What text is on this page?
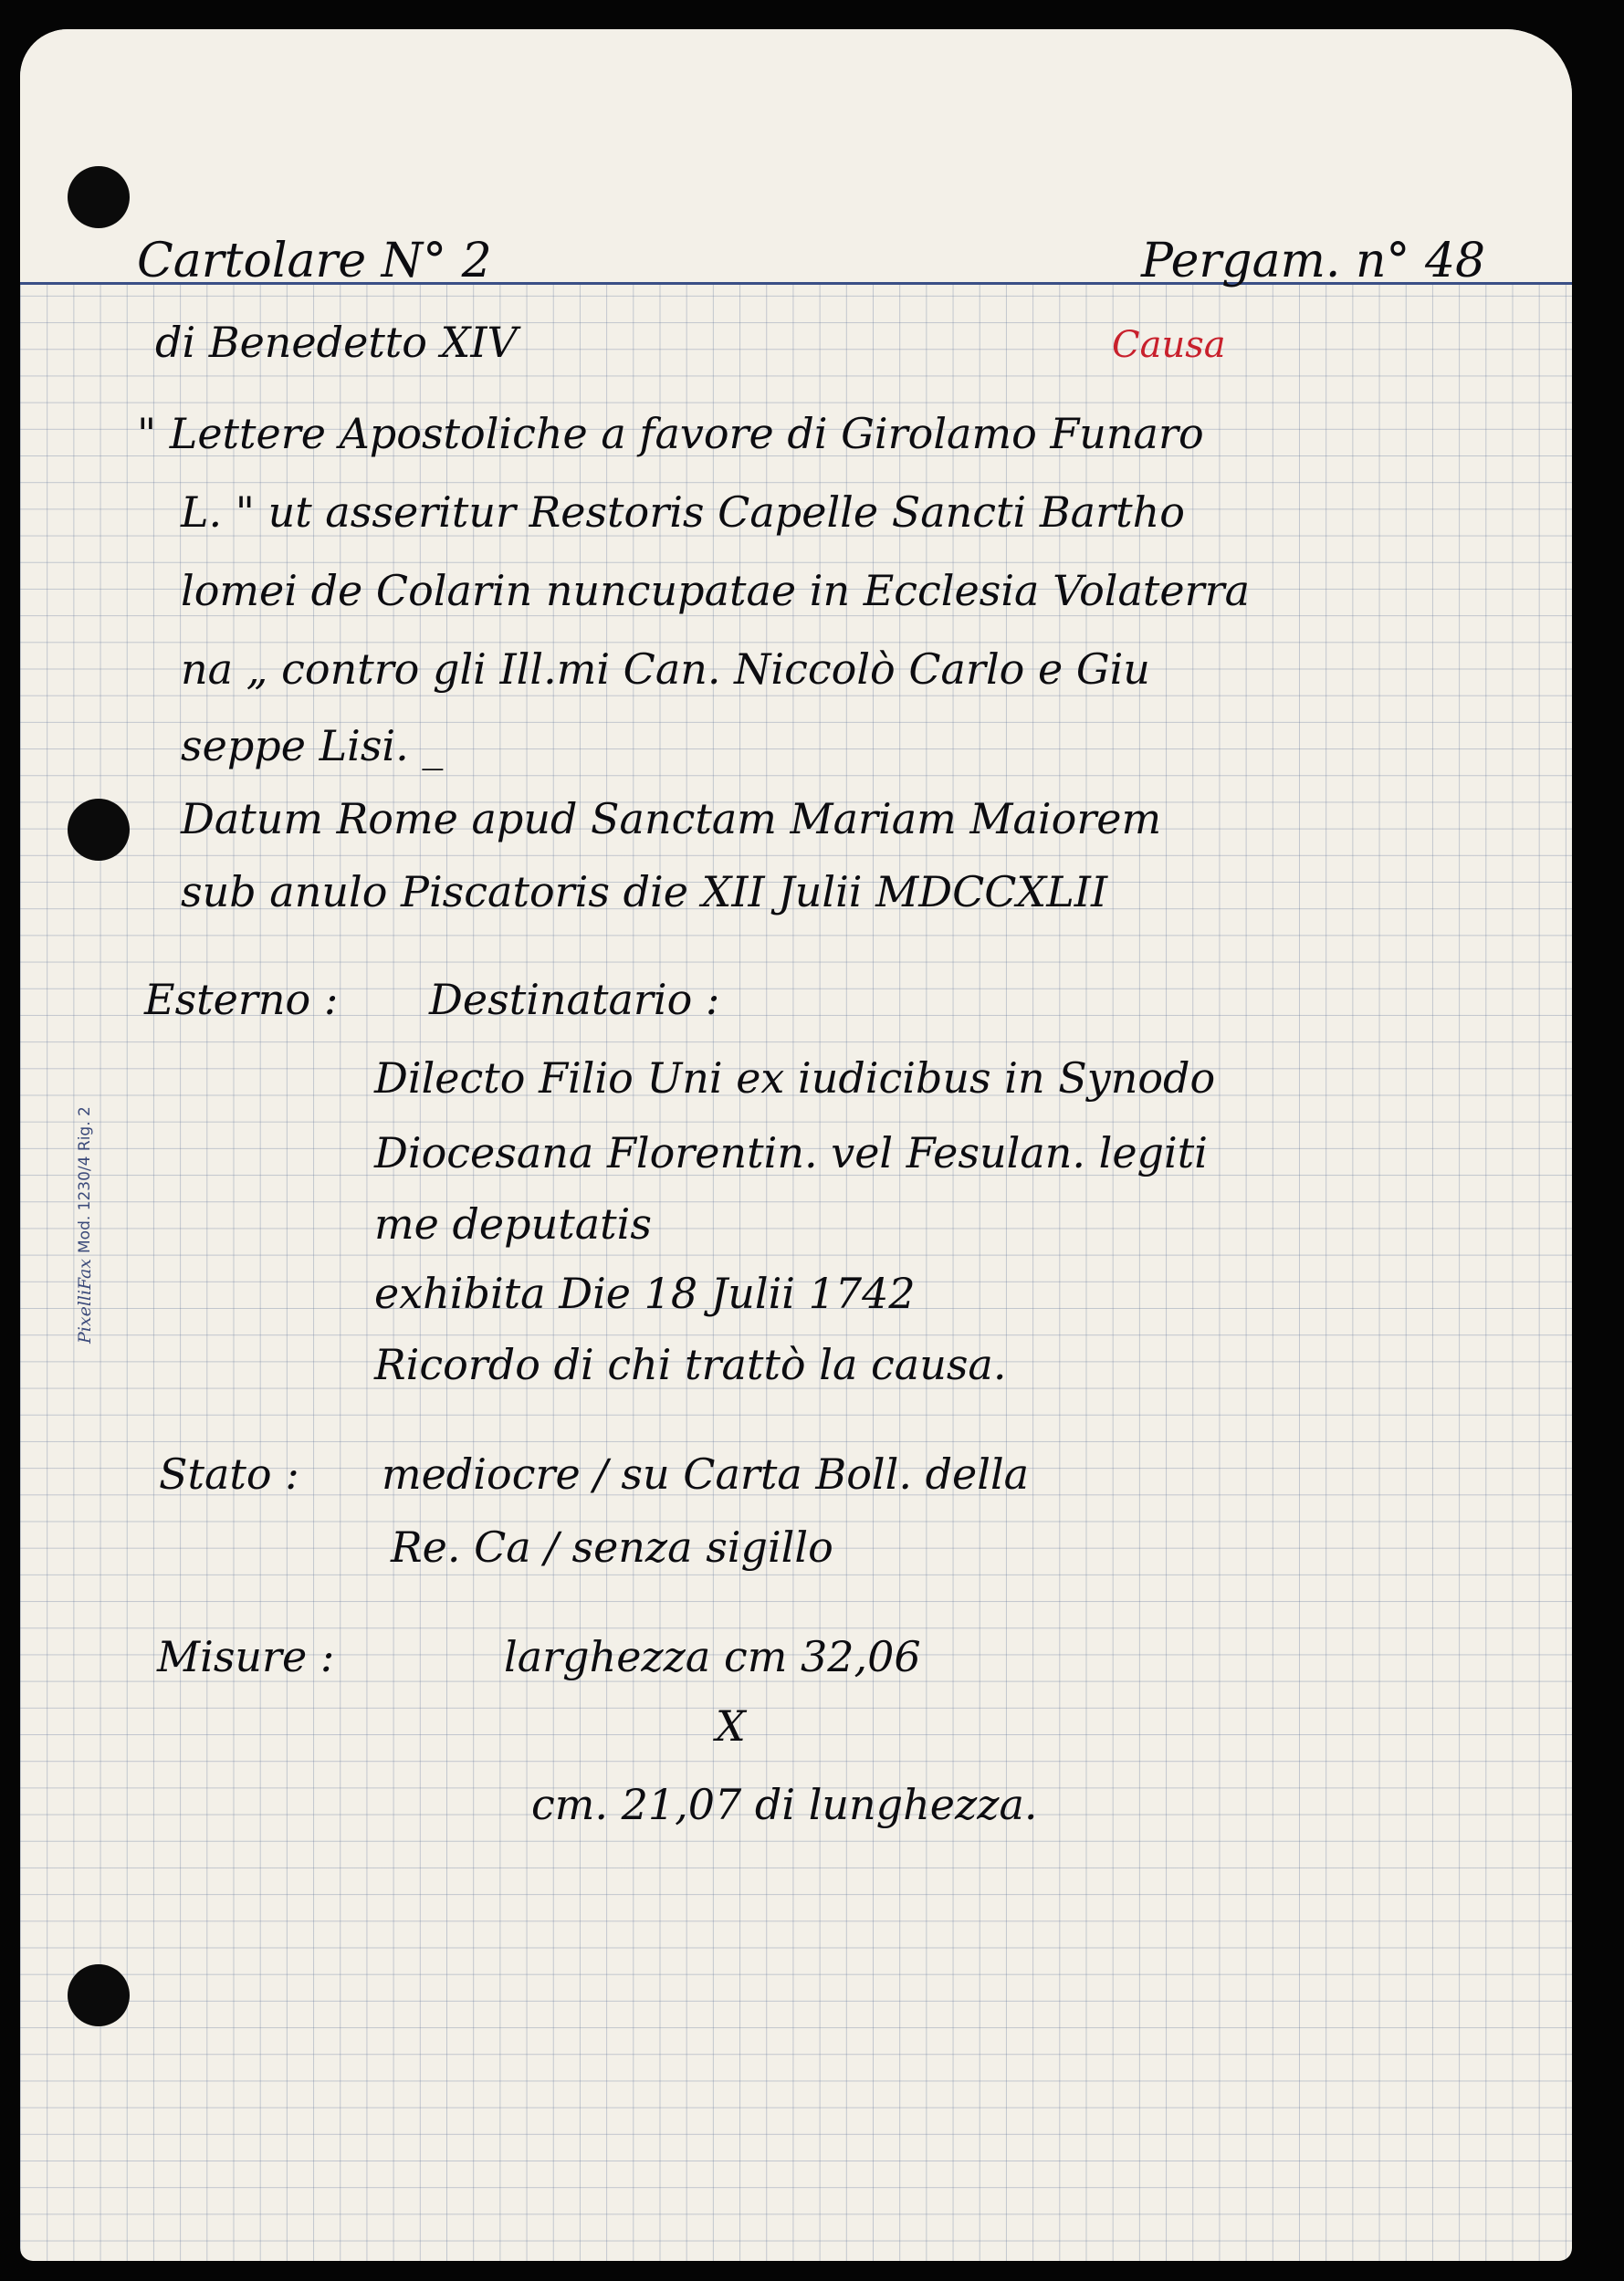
PixelliFax
Mod. 1230/4 Rig. 2
Cartolare N° 2	Pergam. n° 48
di Benedetto XIV	Causa
" Lettere Apostoliche a favore di Girolamo Funaro
L. " ut asseritur Restoris Capelle Sancti Bartho
lomei de Colarin nuncupatae in Ecclesia Volaterra
na „ contro gli Ill.mi Can. Niccolò Carlo e Giu
seppe Lisi. _
Datum Rome apud Sanctam Mariam Maiorem
sub anulo Piscatoris die XII Julii MDCCXLII
Esterno : Destinatario :
Dilecto Filio Uni ex iudicibus in Synodo
Diocesana Florentin. vel Fesulan. legiti
me deputatis
exhibita Die 18 Julii 1742
Ricordo di chi trattò la causa.
Stato : mediocre / su Carta Boll. della
Re. Ca / senza sigillo
Misure :	larghezza cm 32,06
X
cm. 21,07 di lunghezza.
